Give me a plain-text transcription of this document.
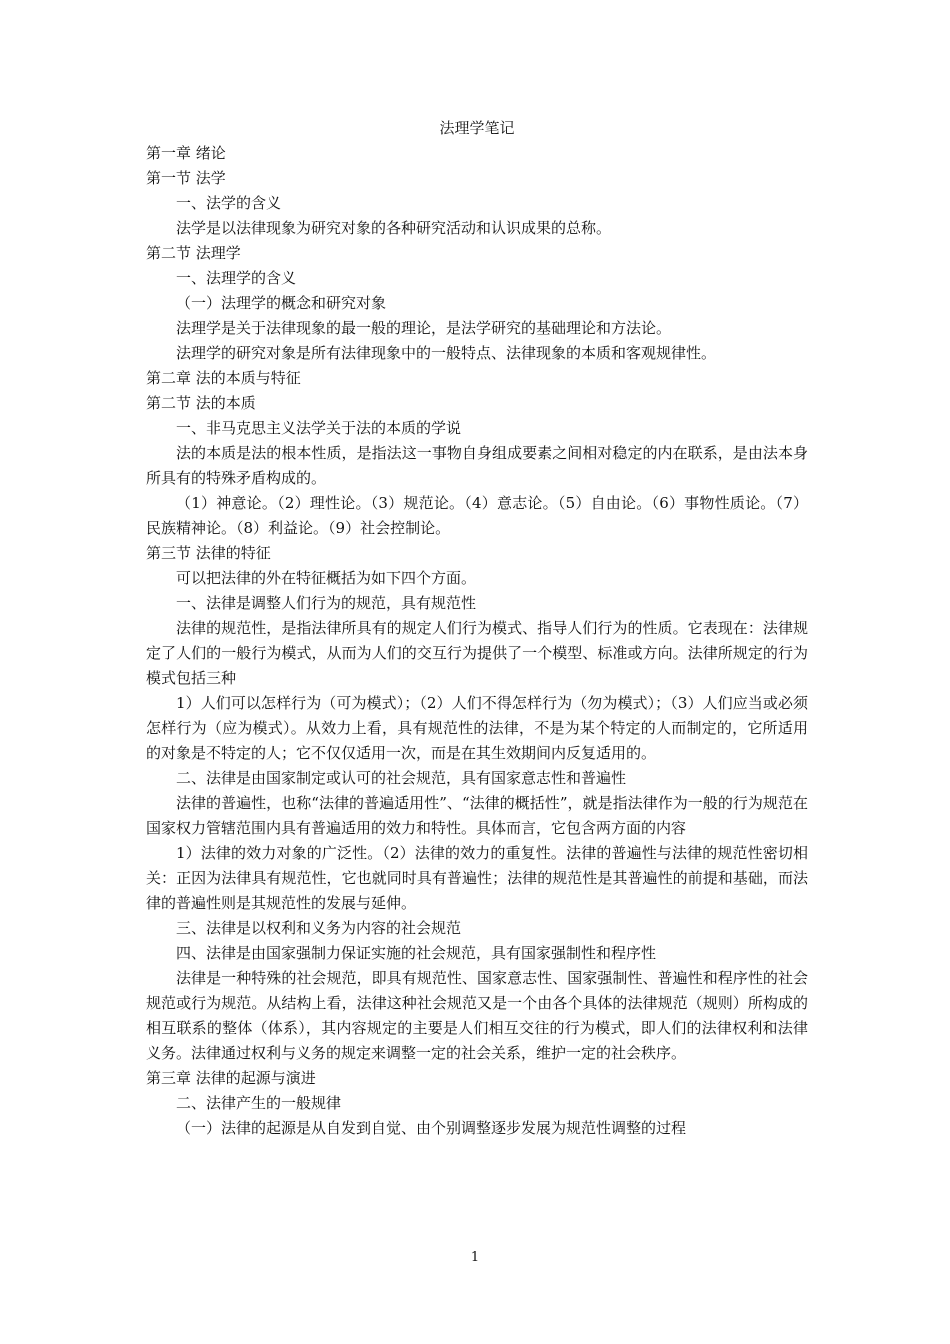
法理学笔记

第一章 绪论

第一节 法学

一、法学的含义

法学是以法律现象为研究对象的各种研究活动和认识成果的总称。

第二节 法理学

一、法理学的含义

（一）法理学的概念和研究对象

法理学是关于法律现象的最一般的理论，是法学研究的基础理论和方法论。

法理学的研究对象是所有法律现象中的一般特点、法律现象的本质和客观规律性。

第二章 法的本质与特征

第二节 法的本质

一、非马克思主义法学关于法的本质的学说

法的本质是法的根本性质，是指法这一事物自身组成要素之间相对稳定的内在联系，是由法本身所具有的特殊矛盾构成的。

（1）神意论。（2）理性论。（3）规范论。（4）意志论。（5）自由论。（6）事物性质论。（7）民族精神论。（8）利益论。（9）社会控制论。

第三节 法律的特征

可以把法律的外在特征概括为如下四个方面。

一、法律是调整人们行为的规范，具有规范性

法律的规范性，是指法律所具有的规定人们行为模式、指导人们行为的性质。它表现在：法律规定了人们的一般行为模式，从而为人们的交互行为提供了一个模型、标准或方向。法律所规定的行为模式包括三种

1）人们可以怎样行为（可为模式）；（2）人们不得怎样行为（勿为模式）；（3）人们应当或必须怎样行为（应为模式）。从效力上看，具有规范性的法律，不是为某个特定的人而制定的，它所适用的对象是不特定的人；它不仅仅适用一次，而是在其生效期间内反复适用的。

二、法律是由国家制定或认可的社会规范，具有国家意志性和普遍性

法律的普遍性，也称“法律的普遍适用性”、“法律的概括性”，就是指法律作为一般的行为规范在国家权力管辖范围内具有普遍适用的效力和特性。具体而言，它包含两方面的内容

1）法律的效力对象的广泛性。（2）法律的效力的重复性。法律的普遍性与法律的规范性密切相关：正因为法律具有规范性，它也就同时具有普遍性；法律的规范性是其普遍性的前提和基础，而法律的普遍性则是其规范性的发展与延伸。

三、法律是以权利和义务为内容的社会规范

四、法律是由国家强制力保证实施的社会规范，具有国家强制性和程序性

法律是一种特殊的社会规范，即具有规范性、国家意志性、国家强制性、普遍性和程序性的社会规范或行为规范。从结构上看，法律这种社会规范又是一个由各个具体的法律规范（规则）所构成的相互联系的整体（体系），其内容规定的主要是人们相互交往的行为模式，即人们的法律权利和法律义务。法律通过权利与义务的规定来调整一定的社会关系，维护一定的社会秩序。

第三章 法律的起源与演进

二、法律产生的一般规律

（一）法律的起源是从自发到自觉、由个别调整逐步发展为规范性调整的过程

1
